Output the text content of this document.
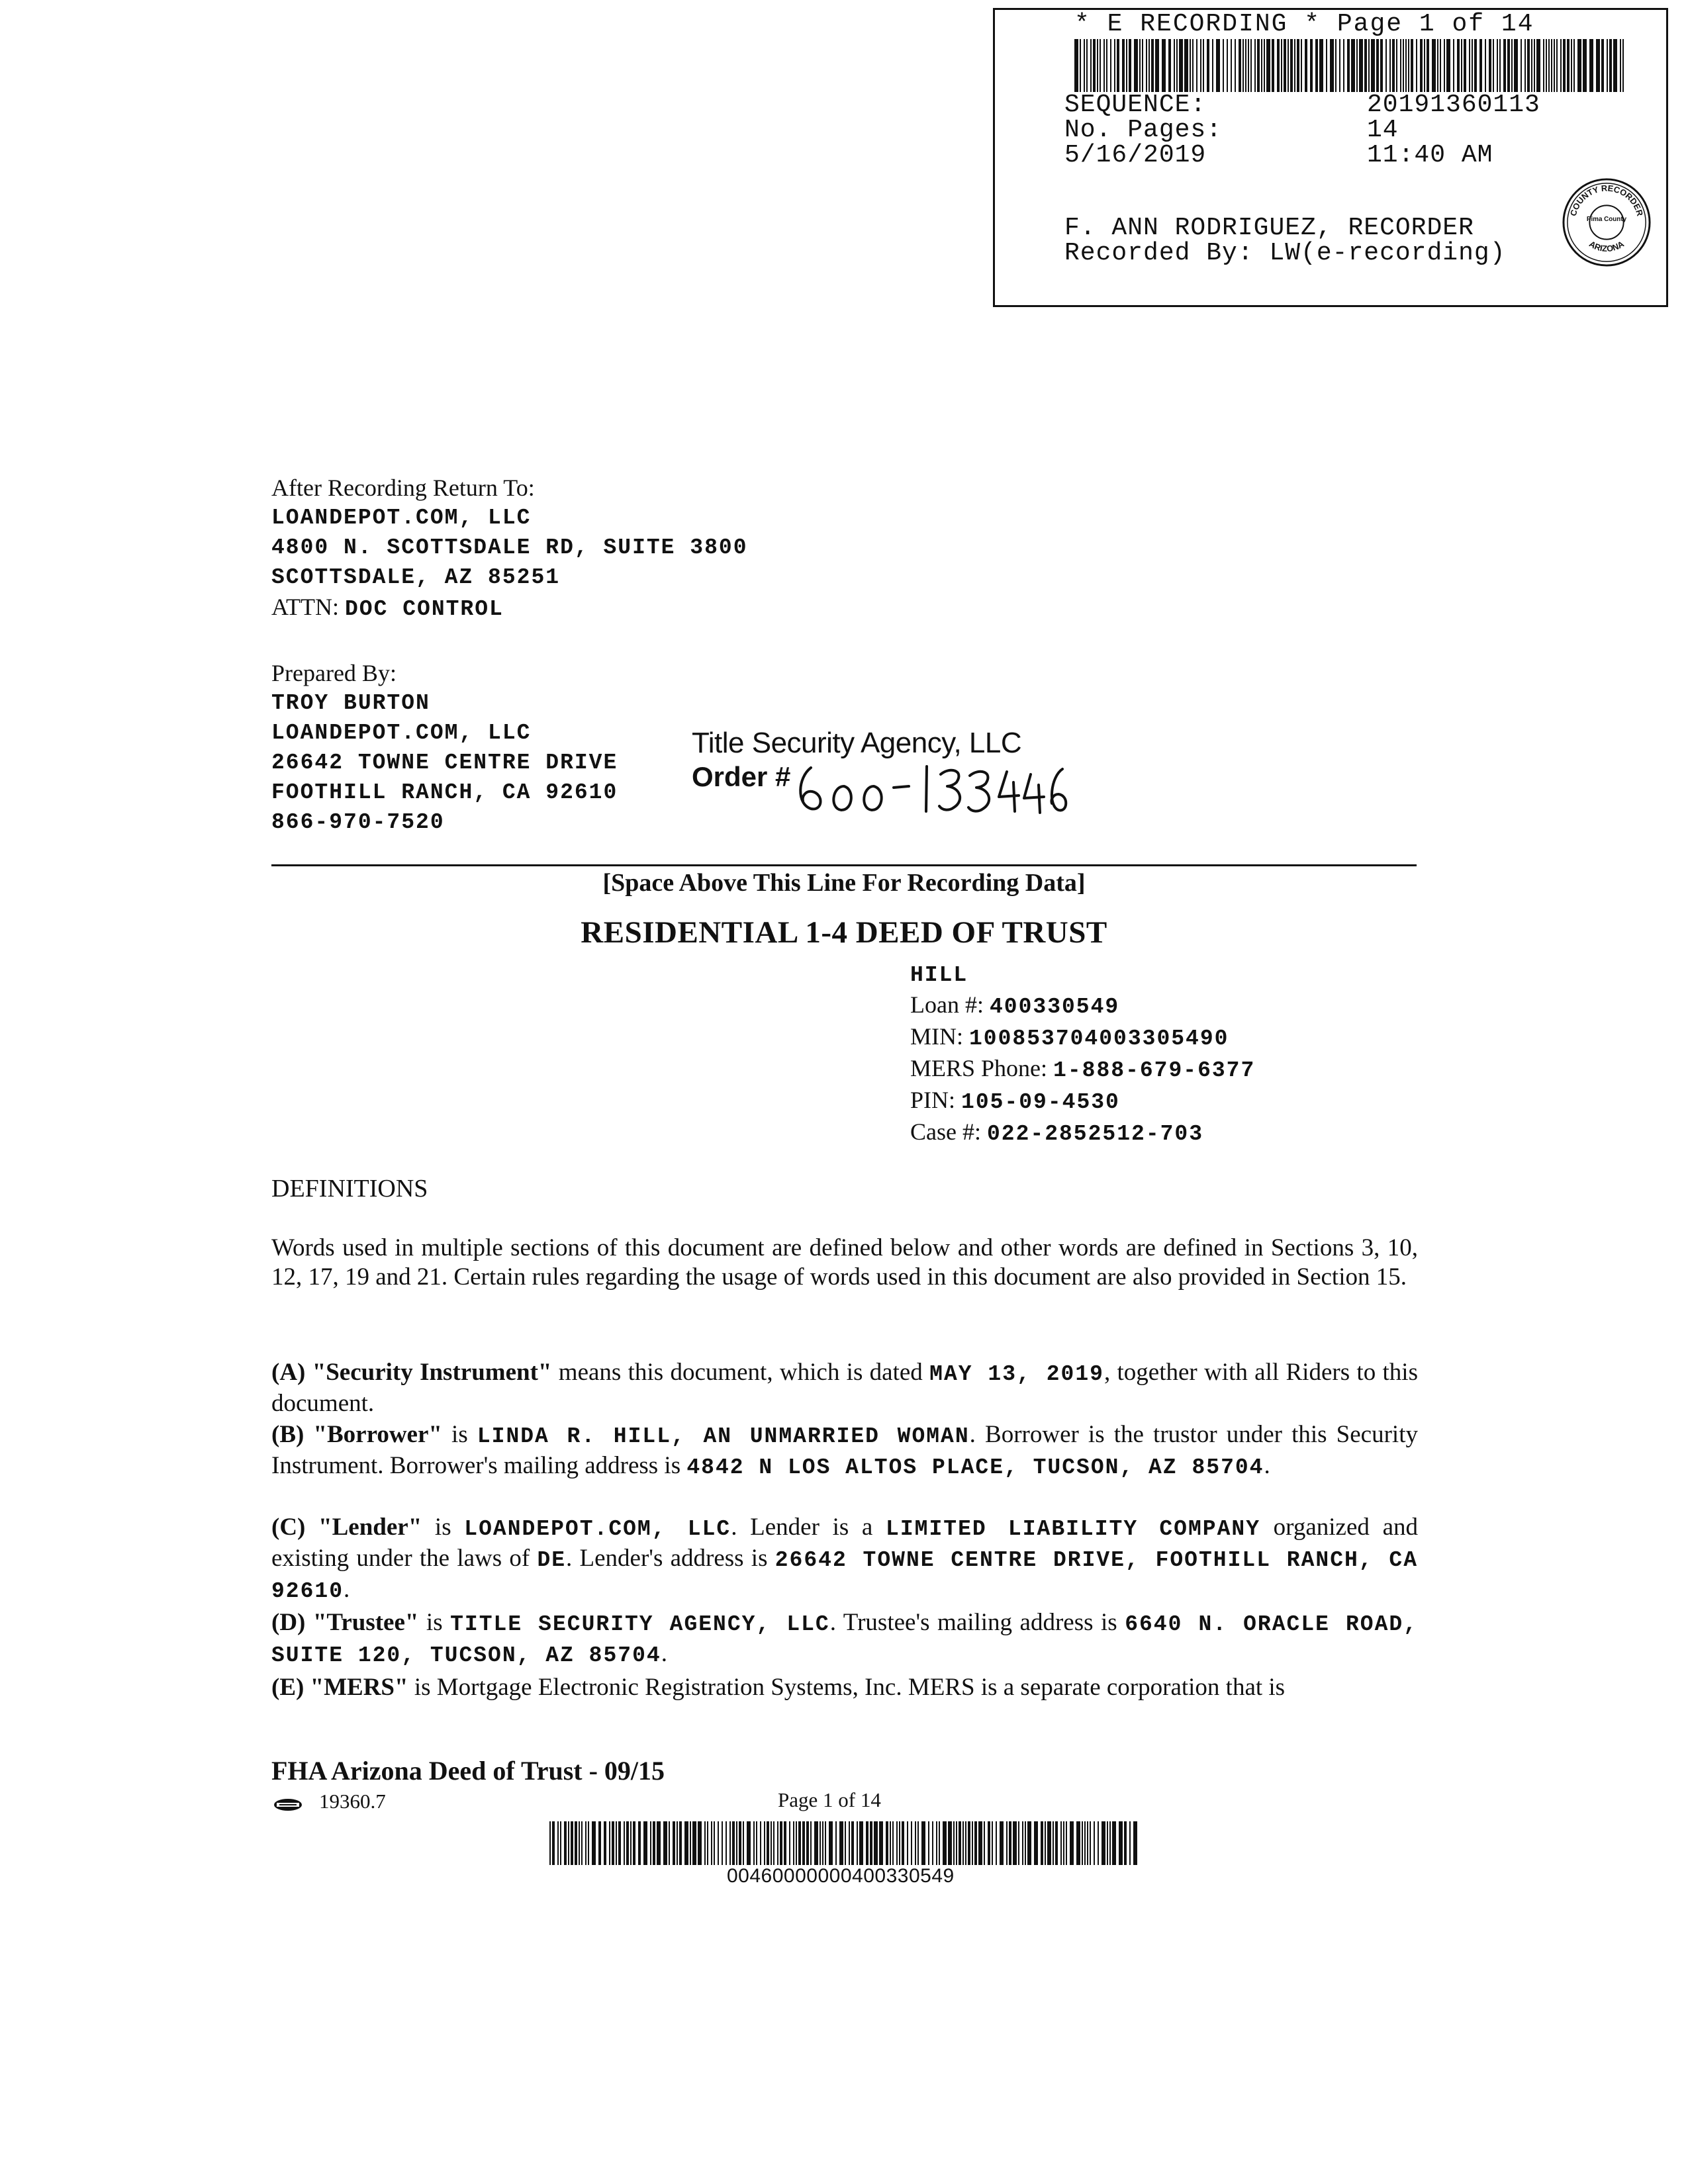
* E RECORDING * Page 1 of 14
SEQUENCE:	20191360113
No. Pages:	14
5/16/2019	11:40 AM
F. ANN RODRIGUEZ, RECORDER
Recorded By: LW(e-recording)
COUNTY RECORDER
ARIZONA
Pima County
After Recording Return To:
LOANDEPOT.COM, LLC
4800 N. SCOTTSDALE RD, SUITE 3800
SCOTTSDALE, AZ 85251
ATTN: DOC CONTROL
Prepared By:
TROY BURTON
LOANDEPOT.COM, LLC
26642 TOWNE CENTRE DRIVE
FOOTHILL RANCH, CA 92610
866-970-7520
Title Security Agency, LLC
Order #
[Space Above This Line For Recording Data]
RESIDENTIAL 1-4 DEED OF TRUST
HILL
Loan #: 400330549
MIN: 100853704003305490
MERS Phone: 1-888-679-6377
PIN: 105-09-4530
Case #: 022-2852512-703
DEFINITIONS
Words used in multiple sections of this document are defined below and other words are defined in Sections 3, 10, 12, 17, 19 and 21. Certain rules regarding the usage of words used in this document are also provided in Section 15.
(A) "Security Instrument" means this document, which is dated MAY 13, 2019, together with all Riders to this document.
(B) "Borrower" is LINDA R. HILL, AN UNMARRIED WOMAN. Borrower is the trustor under this Security Instrument. Borrower's mailing address is 4842 N LOS ALTOS PLACE, TUCSON, AZ 85704.
(C) "Lender" is LOANDEPOT.COM, LLC. Lender is a LIMITED LIABILITY COMPANY organized and existing under the laws of DE. Lender's address is 26642 TOWNE CENTRE DRIVE, FOOTHILL RANCH, CA 92610.
(D) "Trustee" is TITLE SECURITY AGENCY, LLC. Trustee's mailing address is 6640 N. ORACLE ROAD, SUITE 120, TUCSON, AZ 85704.
(E) "MERS" is Mortgage Electronic Registration Systems, Inc. MERS is a separate corporation that is
FHA Arizona Deed of Trust - 09/15
19360.7	Page 1 of 14
00460000000400330549
